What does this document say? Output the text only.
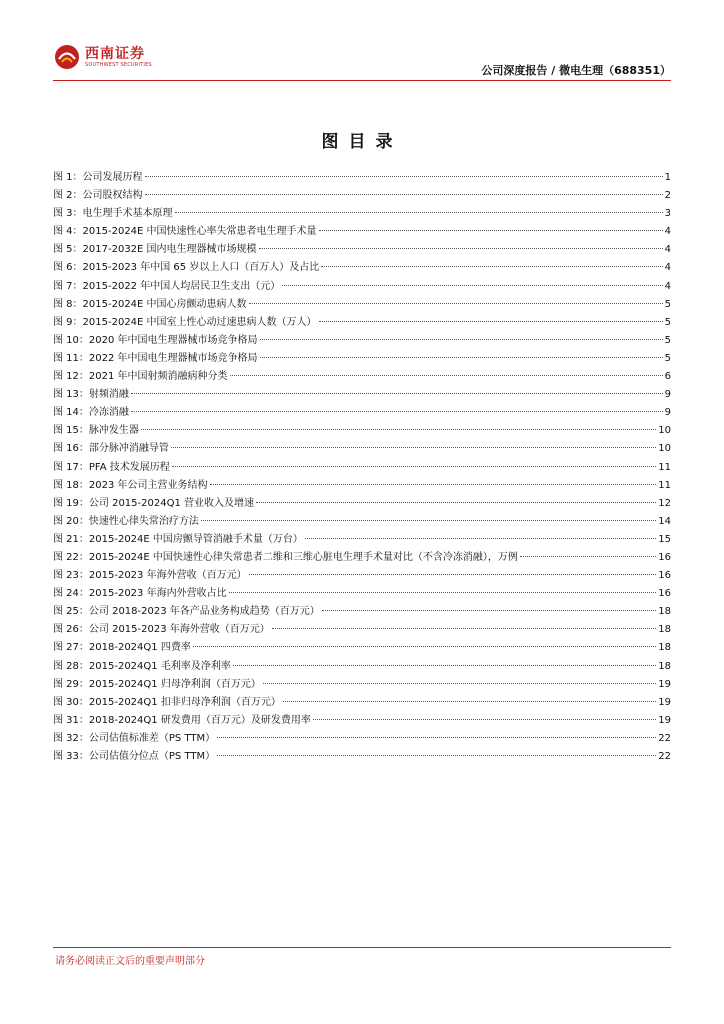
西南证券
SOUTHWEST SECURITIES	公司深度报告 / 微电生理（688351）
图目录
图 1：公司发展历程	1
图 2：公司股权结构	2
图 3：电生理手术基本原理	3
图 4：2015-2024E 中国快速性心率失常患者电生理手术量	4
图 5：2017-2032E 国内电生理器械市场规模	4
图 6：2015-2023 年中国 65 岁以上人口（百万人）及占比	4
图 7：2015-2022 年中国人均居民卫生支出（元）	4
图 8：2015-2024E 中国心房颤动患病人数	5
图 9：2015-2024E 中国室上性心动过速患病人数（万人）	5
图 10：2020 年中国电生理器械市场竞争格局	5
图 11：2022 年中国电生理器械市场竞争格局	5
图 12：2021 年中国射频消融病种分类	6
图 13：射频消融	9
图 14：冷冻消融	9
图 15：脉冲发生器	10
图 16：部分脉冲消融导管	10
图 17：PFA 技术发展历程	11
图 18：2023 年公司主营业务结构	11
图 19：公司 2015-2024Q1 营业收入及增速	12
图 20：快速性心律失常治疗方法	14
图 21：2015-2024E 中国房颤导管消融手术量（万台）	15
图 22：2015-2024E 中国快速性心律失常患者二维和三维心脏电生理手术量对比（不含冷冻消融），万例	16
图 23：2015-2023 年海外营收（百万元）	16
图 24：2015-2023 年海内外营收占比	16
图 25：公司 2018-2023 年各产品业务构成趋势（百万元）	18
图 26：公司 2015-2023 年海外营收（百万元）	18
图 27：2018-2024Q1 四费率	18
图 28：2015-2024Q1 毛利率及净利率	18
图 29：2015-2024Q1 归母净利润（百万元）	19
图 30：2015-2024Q1 扣非归母净利润（百万元）	19
图 31：2018-2024Q1 研发费用（百万元）及研发费用率	19
图 32：公司估值标准差（PS TTM）	22
图 33：公司估值分位点（PS TTM）	22
请务必阅读正文后的重要声明部分
